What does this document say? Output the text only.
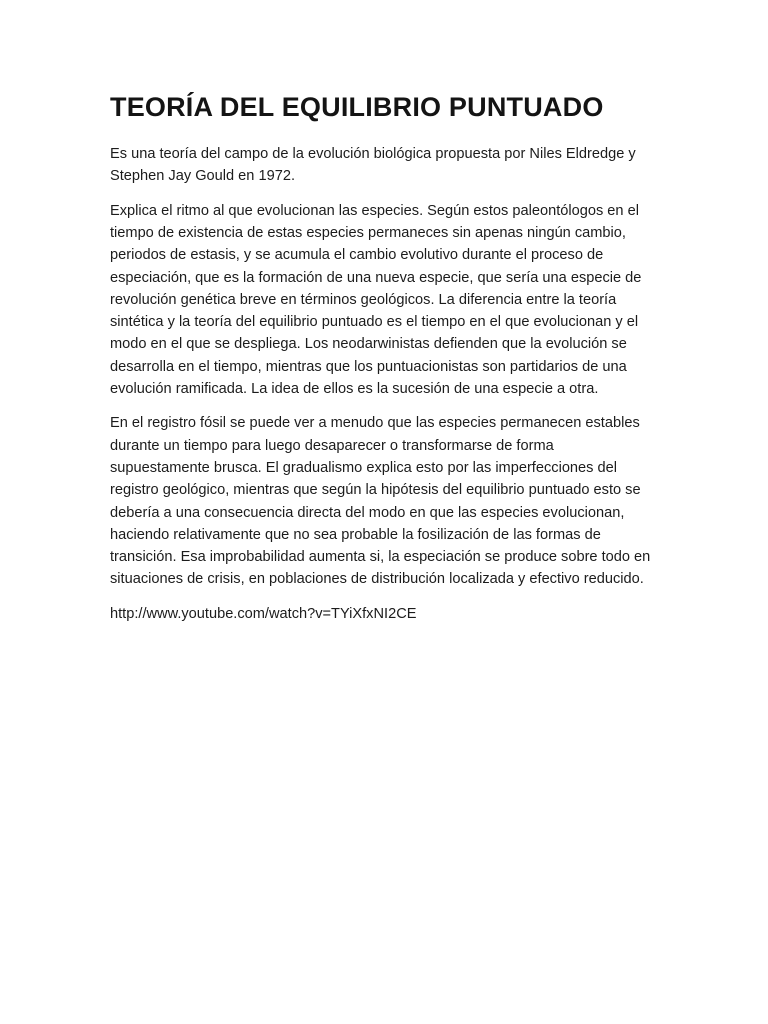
TEORÍA DEL EQUILIBRIO PUNTUADO

Es una teoría del campo de la evolución biológica propuesta por Niles Eldredge y Stephen Jay Gould en 1972.

Explica el ritmo al que evolucionan las especies. Según estos paleontólogos en el tiempo de existencia de estas especies permaneces sin apenas ningún cambio, periodos de estasis, y se acumula el cambio evolutivo durante el proceso de especiación, que es la formación de una nueva especie, que sería una especie de revolución genética breve en términos geológicos. La diferencia entre la teoría sintética y la teoría del equilibrio puntuado es el tiempo en el que evolucionan y el modo en el que se despliega. Los neodarwinistas defienden que la evolución se desarrolla en el tiempo, mientras que los puntuacionistas son partidarios de una evolución ramificada. La idea de ellos es la sucesión de una especie a otra.

En el registro fósil se puede ver a menudo que las especies permanecen estables durante un tiempo para luego desaparecer o transformarse de forma supuestamente brusca. El gradualismo explica esto por las imperfecciones del registro geológico, mientras que según la hipótesis del equilibrio puntuado esto se debería a una consecuencia directa del modo en que las especies evolucionan, haciendo relativamente que no sea probable la fosilización de las formas de transición. Esa improbabilidad aumenta si, la especiación se produce sobre todo en situaciones de crisis, en poblaciones de distribución localizada y efectivo reducido.

http://www.youtube.com/watch?v=TYiXfxNI2CE
